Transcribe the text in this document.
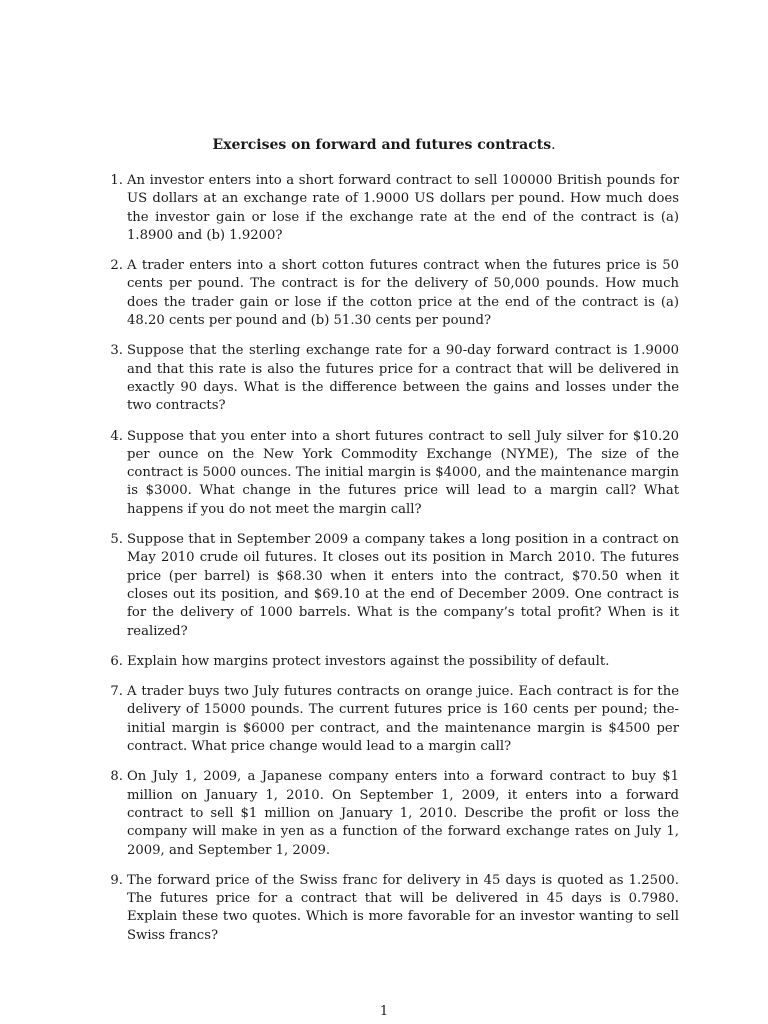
Exercises on forward and futures contracts.
1. An investor enters into a short forward contract to sell 100000 British pounds for US dollars at an exchange rate of 1.9000 US dollars per pound. How much does the investor gain or lose if the exchange rate at the end of the contract is (a) 1.8900 and (b) 1.9200?
2. A trader enters into a short cotton futures contract when the futures price is 50 cents per pound. The contract is for the delivery of 50,000 pounds. How much does the trader gain or lose if the cotton price at the end of the contract is (a) 48.20 cents per pound and (b) 51.30 cents per pound?
3. Suppose that the sterling exchange rate for a 90-day forward contract is 1.9000 and that this rate is also the futures price for a contract that will be delivered in exactly 90 days. What is the difference between the gains and losses under the two contracts?
4. Suppose that you enter into a short futures contract to sell July silver for $10.20 per ounce on the New York Commodity Exchange (NYME), The size of the contract is 5000 ounces. The initial margin is $4000, and the maintenance margin is $3000. What change in the futures price will lead to a margin call? What happens if you do not meet the margin call?
5. Suppose that in September 2009 a company takes a long position in a contract on May 2010 crude oil futures. It closes out its position in March 2010. The futures price (per barrel) is $68.30 when it enters into the contract, $70.50 when it closes out its position, and $69.10 at the end of December 2009. One contract is for the delivery of 1000 barrels. What is the company’s total profit? When is it realized?
6. Explain how margins protect investors against the possibility of default.
7. A trader buys two July futures contracts on orange juice. Each contract is for the delivery of 15000 pounds. The current futures price is 160 cents per pound; the-initial margin is $6000 per contract, and the maintenance margin is $4500 per contract. What price change would lead to a margin call?
8. On July 1, 2009, a Japanese company enters into a forward contract to buy $1 million on January 1, 2010. On September 1, 2009, it enters into a forward contract to sell $1 million on January 1, 2010. Describe the profit or loss the company will make in yen as a function of the forward exchange rates on July 1, 2009, and September 1, 2009.
9. The forward price of the Swiss franc for delivery in 45 days is quoted as 1.2500. The futures price for a contract that will be delivered in 45 days is 0.7980. Explain these two quotes. Which is more favorable for an investor wanting to sell Swiss francs?
1
